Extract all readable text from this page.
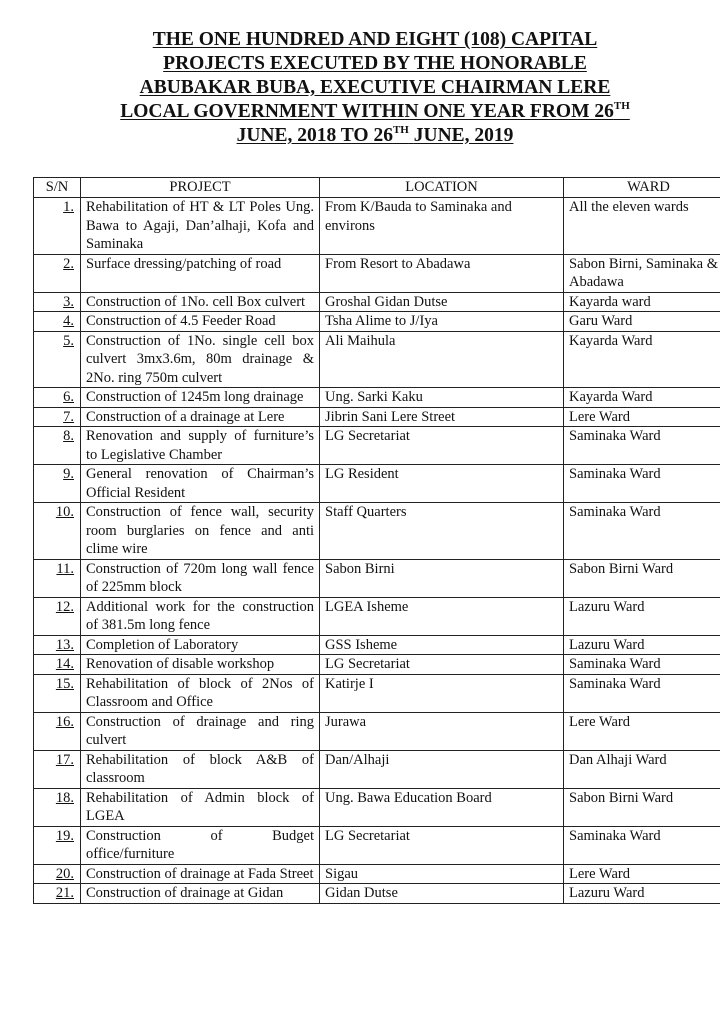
THE ONE HUNDRED AND EIGHT (108) CAPITAL
PROJECTS EXECUTED BY THE HONORABLE
ABUBAKAR BUBA, EXECUTIVE CHAIRMAN LERE
LOCAL GOVERNMENT WITHIN ONE YEAR FROM 26TH
JUNE, 2018 TO 26TH JUNE, 2019
S/N	PROJECT	LOCATION	WARD
1.	Rehabilitation of HT & LT Poles Ung. Bawa to Agaji, Dan’alhaji, Kofa and Saminaka	From K/Bauda to Saminaka and environs	All the eleven wards
2.	Surface dressing/patching of road	From Resort to Abadawa	Sabon Birni, Saminaka & Abadawa
3.	Construction of 1No. cell Box culvert	Groshal Gidan Dutse	Kayarda ward
4.	Construction of 4.5 Feeder Road	Tsha Alime to J/Iya	Garu Ward
5.	Construction of 1No. single cell box culvert 3mx3.6m, 80m drainage & 2No. ring 750m culvert	Ali Maihula	Kayarda Ward
6.	Construction of 1245m long drainage	Ung. Sarki Kaku	Kayarda Ward
7.	Construction of a drainage at Lere	Jibrin Sani Lere Street	Lere Ward
8.	Renovation and supply of furniture’s to Legislative Chamber	LG Secretariat	Saminaka Ward
9.	General renovation of Chairman’s Official Resident	LG Resident	Saminaka Ward
10.	Construction of fence wall, security room burglaries on fence and anti clime wire	Staff Quarters	Saminaka Ward
11.	Construction of 720m long wall fence of 225mm block	Sabon Birni	Sabon Birni Ward
12.	Additional work for the construction of 381.5m long fence	LGEA Isheme	Lazuru Ward
13.	Completion of Laboratory	GSS Isheme	Lazuru Ward
14.	Renovation of disable workshop	LG Secretariat	Saminaka Ward
15.	Rehabilitation of block of 2Nos of Classroom and Office	Katirje I	Saminaka Ward
16.	Construction of drainage and ring culvert	Jurawa	Lere Ward
17.	Rehabilitation of block A&B of classroom	Dan/Alhaji	Dan Alhaji Ward
18.	Rehabilitation of Admin block of LGEA	Ung. Bawa Education Board	Sabon Birni Ward
19.	Construction of Budget office/furniture	LG Secretariat	Saminaka Ward
20.	Construction of drainage at Fada Street	Sigau	Lere Ward
21.	Construction of drainage at Gidan	Gidan Dutse	Lazuru Ward
